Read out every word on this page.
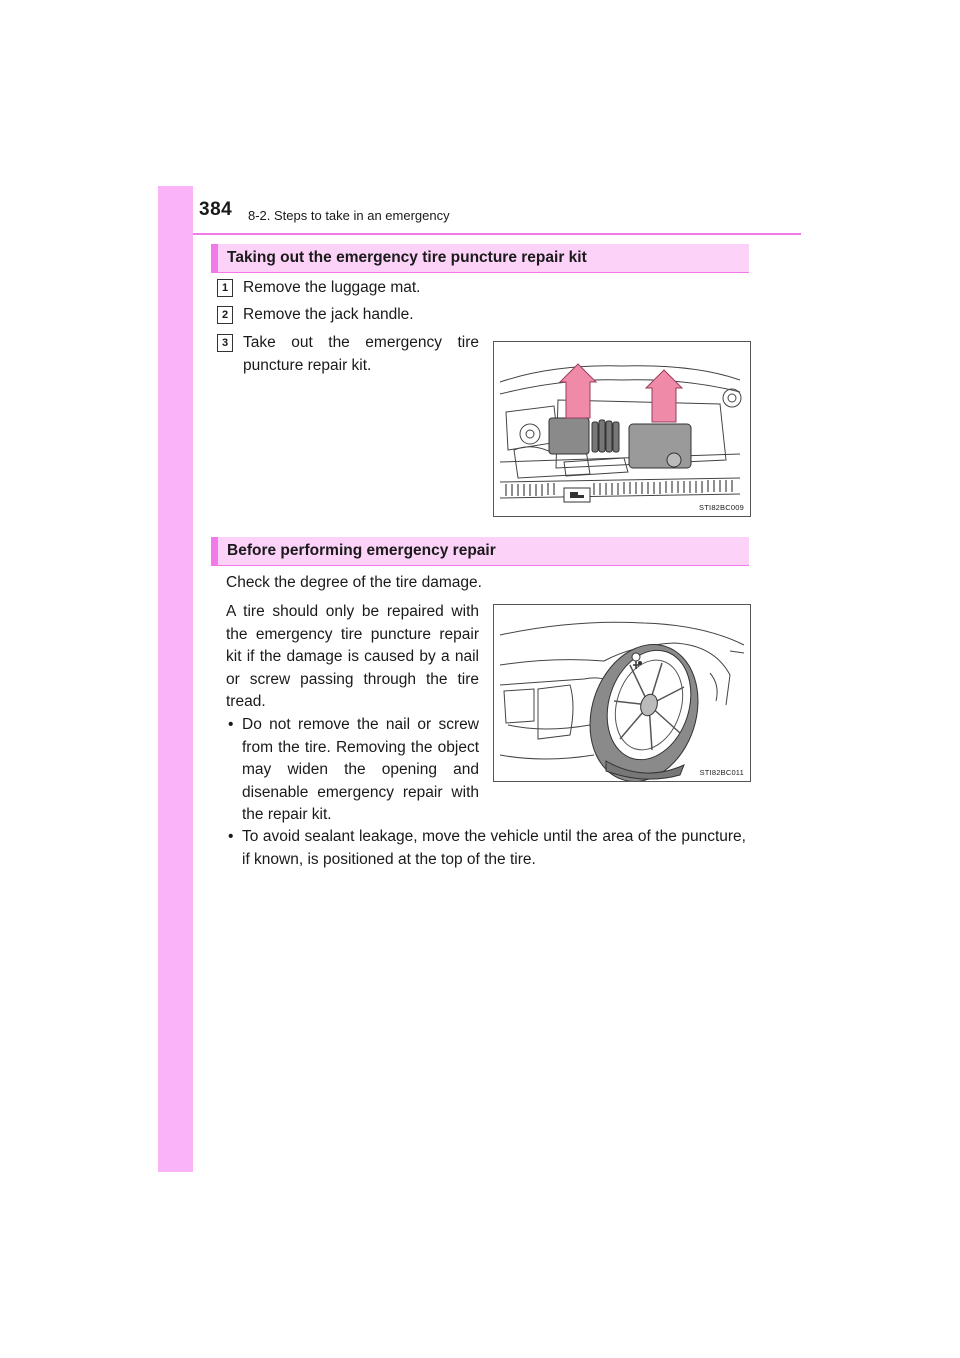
384 8-2. Steps to take in an emergency
Taking out the emergency tire puncture repair kit
1 Remove the luggage mat.
2 Remove the jack handle.
3 Take out the emergency tire puncture repair kit.
STI82BC009
Before performing emergency repair
Check the degree of the tire damage.
A tire should only be repaired with the emergency tire puncture repair kit if the damage is caused by a nail or screw passing through the tire tread.
• Do not remove the nail or screw from the tire. Removing the object may widen the opening and disenable emergency repair with the repair kit.
• To avoid sealant leakage, move the vehicle until the area of the puncture, if known, is positioned at the top of the tire.
STI82BC011
